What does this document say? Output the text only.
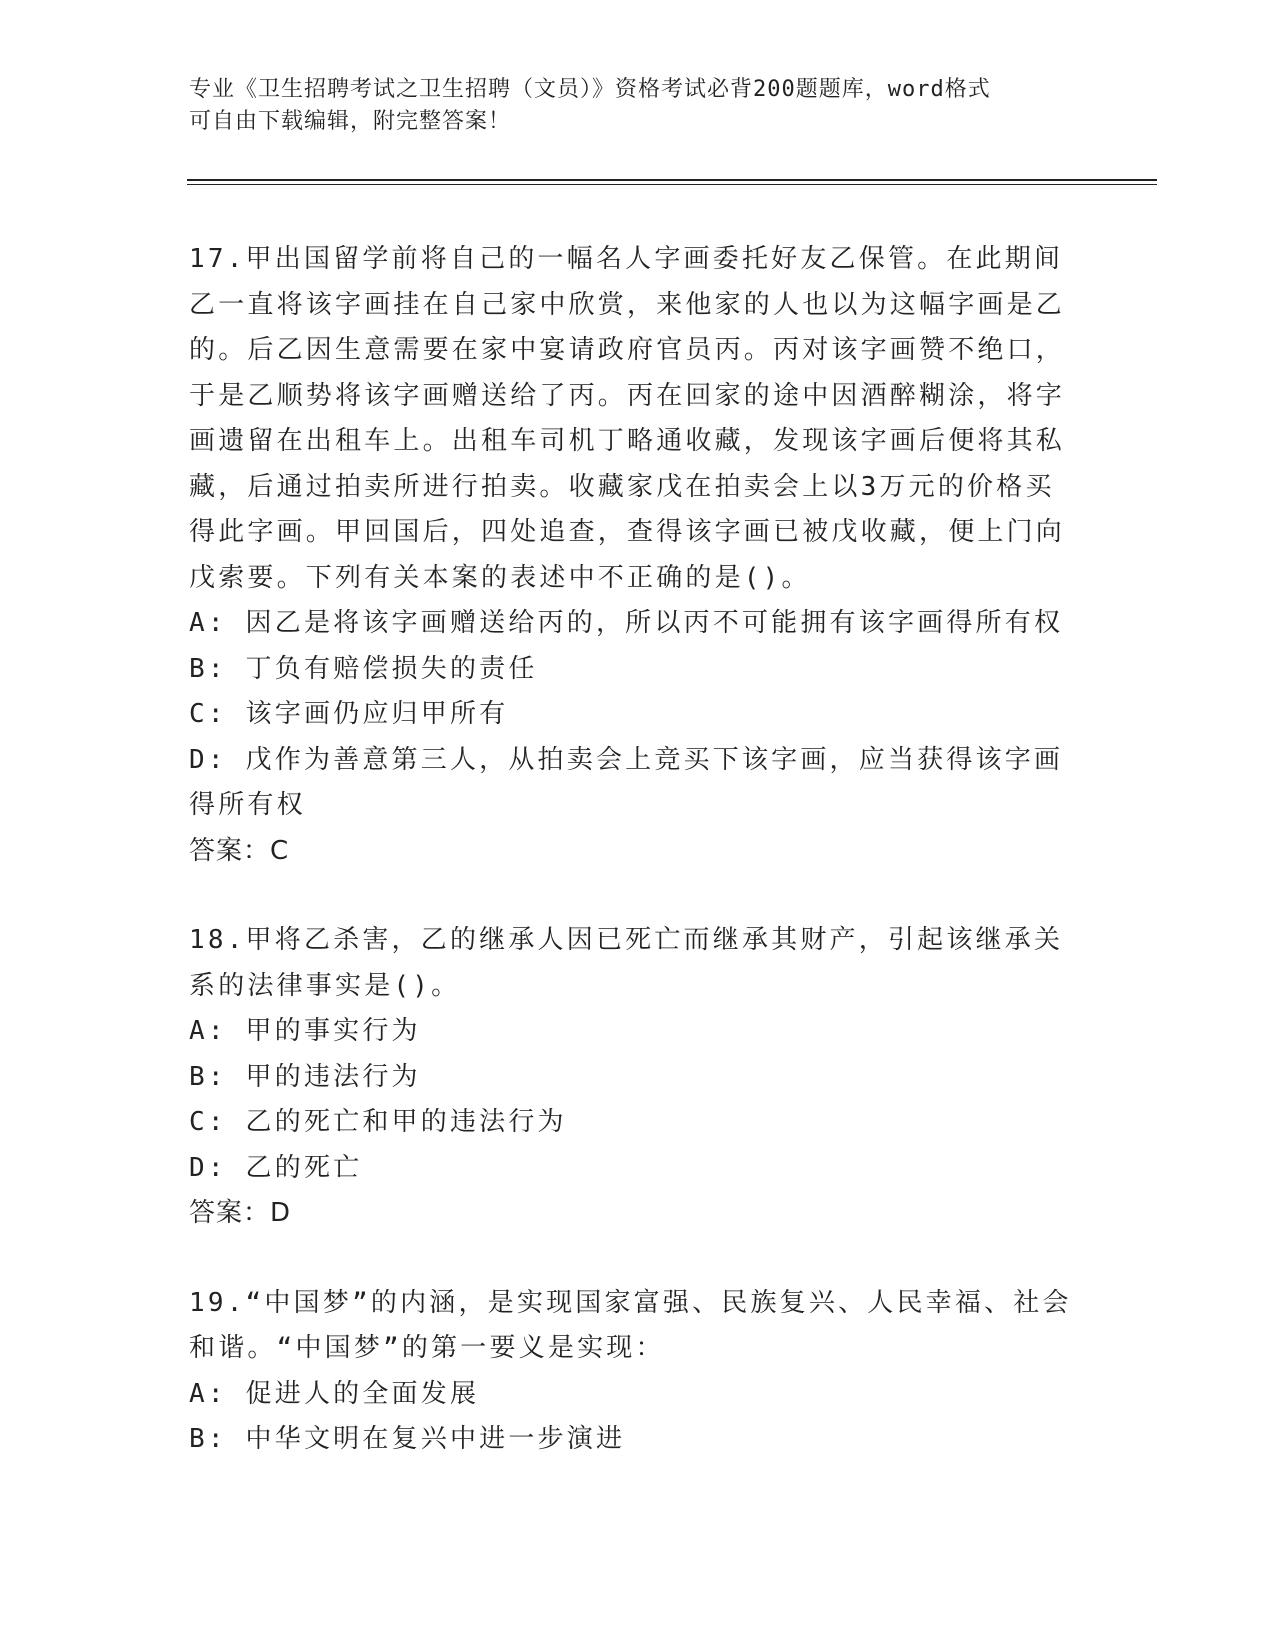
专业《卫生招聘考试之卫生招聘（文员）》资格考试必背200题题库，word格式
可自由下载编辑，附完整答案！

17.甲出国留学前将自己的一幅名人字画委托好友乙保管。在此期间乙一直将该字画挂在自己家中欣赏，来他家的人也以为这幅字画是乙的。后乙因生意需要在家中宴请政府官员丙。丙对该字画赞不绝口，于是乙顺势将该字画赠送给了丙。丙在回家的途中因酒醉糊涂，将字画遗留在出租车上。出租车司机丁略通收藏，发现该字画后便将其私藏，后通过拍卖所进行拍卖。收藏家戊在拍卖会上以3万元的价格买得此字画。甲回国后，四处追查，查得该字画已被戊收藏，便上门向戊索要。下列有关本案的表述中不正确的是()。

A: 因乙是将该字画赠送给丙的，所以丙不可能拥有该字画得所有权

B: 丁负有赔偿损失的责任

C: 该字画仍应归甲所有

D: 戊作为善意第三人，从拍卖会上竞买下该字画，应当获得该字画得所有权

答案：C

18.甲将乙杀害，乙的继承人因已死亡而继承其财产，引起该继承关系的法律事实是()。

A: 甲的事实行为

B: 甲的违法行为

C: 乙的死亡和甲的违法行为

D: 乙的死亡

答案：D

19.“中国梦”的内涵，是实现国家富强、民族复兴、人民幸福、社会和谐。“中国梦”的第一要义是实现：

A: 促进人的全面发展

B: 中华文明在复兴中进一步演进
